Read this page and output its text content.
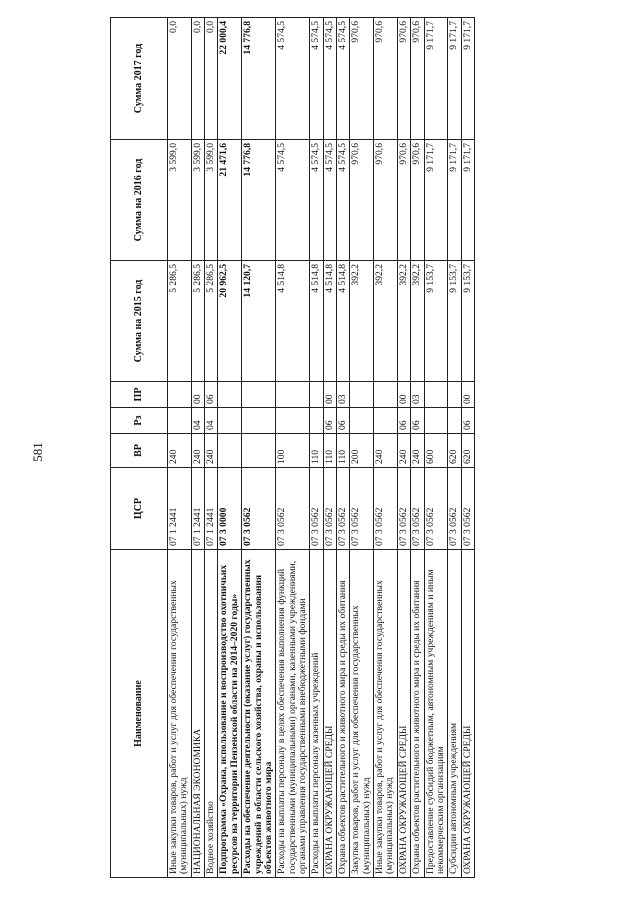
581
Наименование	ЦСР	ВР	Рз	ПР	Сумма на 2015 год	Сумма на 2016 год	Сумма 2017 год
Иные закупки товаров, работ и услуг для обеспечения государственных (муниципальных) нужд	07 1 2441	240			5 286,5	3 599,0	0,0
НАЦИОНАЛЬНАЯ ЭКОНОМИКА	07 1 2441	240	04	00	5 286,5	3 599,0	0,0
Водное хозяйство	07 1 2441	240	04	06	5 286,5	3 599,0	0,0
Подпрограмма «Охрана, использование и воспроизводство охотничьих ресурсов на территории Пензенской области на 2014–2020 годы»	07 3 0000				20 962,5	21 471,6	22 000,4
Расходы на обеспечение деятельности (оказание услуг) государственных учреждений в области сельского хозяйства, охраны и использования объектов животного мира	07 3 0562				14 120,7	14 776,8	14 776,8
Расходы на выплаты персоналу в целях обеспечения выполнения функций государственными (муниципальными) органами, казенными учреждениями, органами управления государственными внебюджетными фондами	07 3 0562	100			4 514,8	4 574,5	4 574,5
Расходы на выплаты персоналу казенных учреждений	07 3 0562	110			4 514,8	4 574,5	4 574,5
ОХРАНА ОКРУЖАЮЩЕЙ СРЕДЫ	07 3 0562	110	06	00	4 514,8	4 574,5	4 574,5
Охрана объектов растительного и животного мира и среды их обитания	07 3 0562	110	06	03	4 514,8	4 574,5	4 574,5
Закупка товаров, работ и услуг для обеспечения государственных (муниципальных) нужд	07 3 0562	200			392,2	970,6	970,6
Иные закупки товаров, работ и услуг для обеспечения государственных (муниципальных) нужд	07 3 0562	240			392,2	970,6	970,6
ОХРАНА ОКРУЖАЮЩЕЙ СРЕДЫ	07 3 0562	240	06	00	392,2	970,6	970,6
Охрана объектов растительного и животного мира и среды их обитания	07 3 0562	240	06	03	392,2	970,6	970,6
Предоставление субсидий бюджетным, автономным учреждениям и иным некоммерческим организациям	07 3 0562	600			9 153,7	9 171,7	9 171,7
Субсидии автономным учреждениям	07 3 0562	620			9 153,7	9 171,7	9 171,7
ОХРАНА ОКРУЖАЮЩЕЙ СРЕДЫ	07 3 0562	620	06	00	9 153,7	9 171,7	9 171,7
